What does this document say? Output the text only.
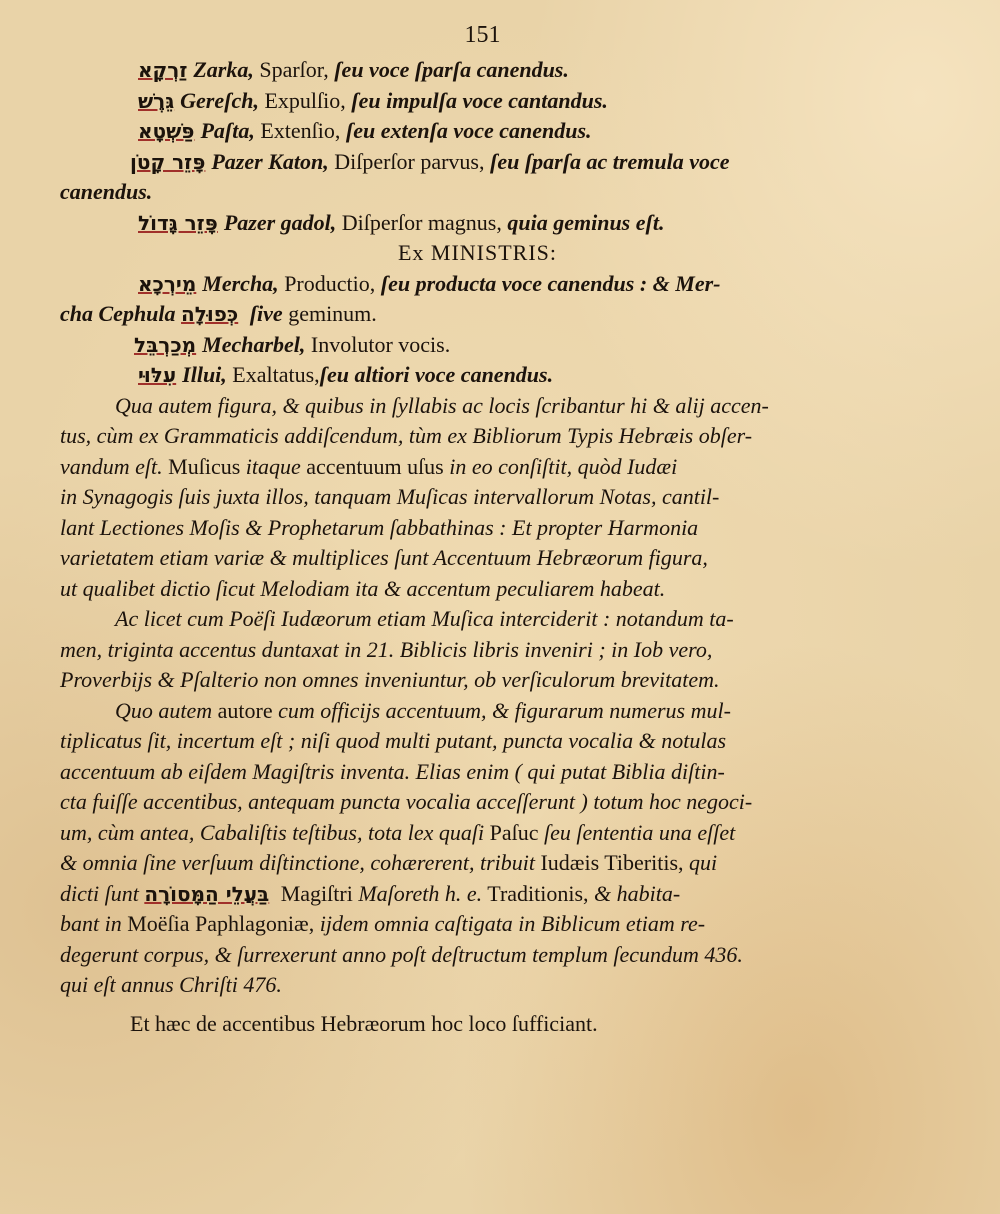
151
זַרְקָא Zarka, Sparſor, ſeu voce ſparſa canendus.
גֵּרֶשׁ Gereſch, Expulſio, ſeu impulſa voce cantandus.
פַּשְׁטָא Paſta, Extenſio, ſeu extenſa voce canendus.
פָּזֵר קָטֹן Pazer Katon, Diſperſor parvus, ſeu ſparſa ac tremula voce
canendus.
פָּזֵר גָּדוֹל Pazer gadol, Diſperſor magnus, quia geminus eſt.
Ex MINISTRIS:
מֵירְכָא Mercha, Productio, ſeu producta voce canendus : & Mer-
cha Cephula כְּפוּלָה ſive geminum.
מְכַרְבֵּל Mecharbel, Involutor vocis.
עִלּוּי Illui, Exaltatus,ſeu altiori voce canendus.
Qua autem figura, & quibus in ſyllabis ac locis ſcribantur hi & alij accen-
tus, cùm ex Grammaticis addiſcendum, tùm ex Bibliorum Typis Hebræis obſer-
vandum eſt. Muſicus itaque accentuum uſus in eo conſiſtit, quòd Iudæi
in Synagogis ſuis juxta illos, tanquam Muſicas intervallorum Notas, cantil-
lant Lectiones Moſis & Prophetarum ſabbathinas : Et propter Harmonia
varietatem etiam variæ & multiplices ſunt Accentuum Hebræorum figura,
ut qualibet dictio ſicut Melodiam ita & accentum peculiarem habeat.
Ac licet cum Poëſi Iudæorum etiam Muſica interciderit : notandum ta-
men, triginta accentus duntaxat in 21. Biblicis libris inveniri ; in Iob vero,
Proverbijs & Pſalterio non omnes inveniuntur, ob verſiculorum brevitatem.
Quo autem autore cum officijs accentuum, & figurarum numerus mul-
tiplicatus ſit, incertum eſt ; niſi quod multi putant, puncta vocalia & notulas
accentuum ab eiſdem Magiſtris inventa. Elias enim ( qui putat Biblia diſtin-
cta fuiſſe accentibus, antequam puncta vocalia acceſſerunt ) totum hoc negoci-
um, cùm antea, Cabaliſtis teſtibus, tota lex quaſi Paſuc ſeu ſententia una eſſet
& omnia ſine verſuum diſtinctione, cohærerent, tribuit Iudæis Tiberitis, qui
dicti ſunt בַּעֲלֵי הַמָּסוֹרָה Magiſtri Maſoreth h. e. Traditionis, & habita-
bant in Moëſia Paphlagoniæ, ijdem omnia caſtigata in Biblicum etiam re-
degerunt corpus, & ſurrexerunt anno poſt deſtructum templum ſecundum 436.
qui eſt annus Chriſti 476.
Et hæc de accentibus Hebræorum hoc loco ſufficiant.
